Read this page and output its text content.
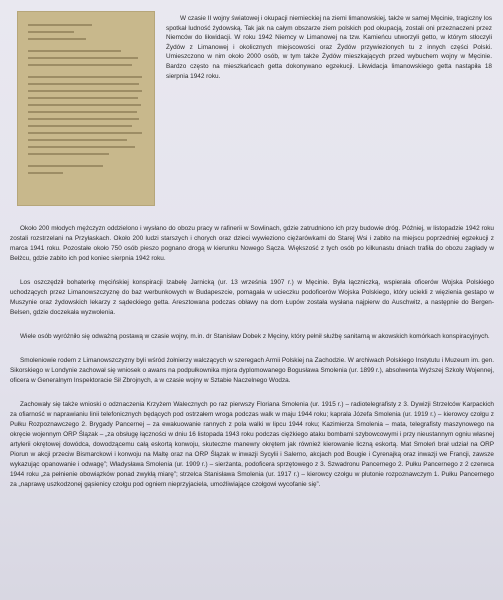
W czasie II wojny światowej i okupacji niemieckiej na ziemi limanowskiej, także w samej Męcinie, tragiczny los spotkał ludność żydowską. Tak jak na całym obszarze ziem polskich pod okupacją, zostali oni przeznaczeni przez Niemców do likwidacji. W roku 1942 Niemcy w Limanowej na tzw. Kamieńcu utworzyli getto, w którym stłoczyli Żydów z Limanowej i okolicznych miejscowości oraz Żydów przywiezionych tu z innych części Polski. Umieszczono w nim około 2000 osób, w tym także Żydów mieszkających przed wybuchem wojny w Męcinie. Bardzo często na mieszkańcach getta dokonywano egzekucji. Likwidacja limanowskiego getta nastąpiła 18 sierpnia 1942 roku.

Około 200 młodych mężczyzn oddzielono i wysłano do obozu pracy w rafinerii w Sowlinach, gdzie zatrudniono ich przy budowie dróg. Później, w listopadzie 1942 roku zostali rozstrzelani na Przyłaskach. Około 200 ludzi starszych i chorych oraz dzieci wywieziono ciężarówkami do Starej Wsi i zabito na miejscu poprzedniej egzekucji z marca 1941 roku. Pozostałe około 750 osób pieszo pognano drogą w kierunku Nowego Sącza. Większość z tych osób po kilkunastu dniach trafiła do obozu zagłady w Bełżcu, gdzie zabito ich pod koniec sierpnia 1942 roku.

Los oszczędził bohaterkę męcińskiej konspiracji Izabelę Jarnicką (ur. 13 września 1907 r.) w Męcinie. Była łączniczką, wspierała oficerów Wojska Polskiego uchodzących przez Limanowszczyznę do baz werbunkowych w Budapeszcie, pomagała w ucieczku podoficerów Wojska Polskiego, który uciekli z więzienia gestapo w Muszynie oraz żydowskich lekarzy z sądeckiego getta. Aresztowana podczas obławy na dom Łupów została wysłana najpierw do Auschwitz, a następnie do Bergen-Belsen, gdzie doczekała wyzwolenia.

Wiele osób wyróżniło się odważną postawą w czasie wojny, m.in. dr Stanisław Dobek z Męciny, który pełnił służbę sanitarną w akowskich komórkach konspiracyjnych.

Smoleniowie rodem z Limanowszczyzny byli wśród żołnierzy walczących w szeregach Armii Polskiej na Zachodzie. W archiwach Polskiego Instytutu i Muzeum im. gen. Sikorskiego w Londynie zachował się wniosek o awans na podpułkownika mjora dyplomowanego Bogusława Smolenia (ur. 1899 r.), absolwenta Wyższej Szkoły Wojennej, oficera w Generalnym Inspektoracie Sił Zbrojnych, a w czasie wojny w Sztabie Naczelnego Wodza.

Zachowały się także wnioski o odznaczenia Krzyżem Walecznych po raz pierwszy Floriana Smolenia (ur. 1915 r.) – radiotelegrafisty z 3. Dywizji Strzelców Karpackich za ofiarność w naprawianiu linii telefonicznych będących pod ostrzałem wroga podczas walk w maju 1944 roku; kaprala Józefa Smolenia (ur. 1919 r.) – kierowcy czołgu z Pułku Rozpoznawczego 2. Brygady Pancernej – za ewakuowanie rannych z pola walki w lipcu 1944 roku; Kazimierza Smolenia – mata, telegrafisty maszynowego na okręcie wojennym ORP Ślązak – „za obsługę łączności w dniu 16 listopada 1943 roku podczas ciężkiego ataku bombami szybowcowymi i przy nieustannym ogniu własnej artylerii okrętowej dowódca, dowodzącemu całą eskortą konwoju, skuteczne manewry okrętem jak również kierowanie liczną eskortą. Mat Smoleń brał udział na ORP Piorun w akcji przeciw Bismarckowi i konwoju na Maltę oraz na ORP Ślązak w inwazji Sycylii i Salerno, akcjach pod Bougie i Cyrenajką oraz inwazji we Francji, zawsze wykazując opanowanie i odwagę”; Władysława Smolenia (ur. 1909 r.) – sierżanta, podoficera sprzętowego z 3. Szwadronu Pancernego 2. Pułku Pancernego z 2 czerwca 1944 roku „za pełnienie obowiązków ponad zwykłą miarę”; strzelca Stanisława Smolenia (ur. 1917 r.) – kierowcy czołgu w plutonie rozpoznawczym 1. Pułku Pancernego za „naprawę uszkodzonej gąsienicy czołgu pod ogniem nieprzyjaciela, umożliwiające czołgowi wycofanie się”.
